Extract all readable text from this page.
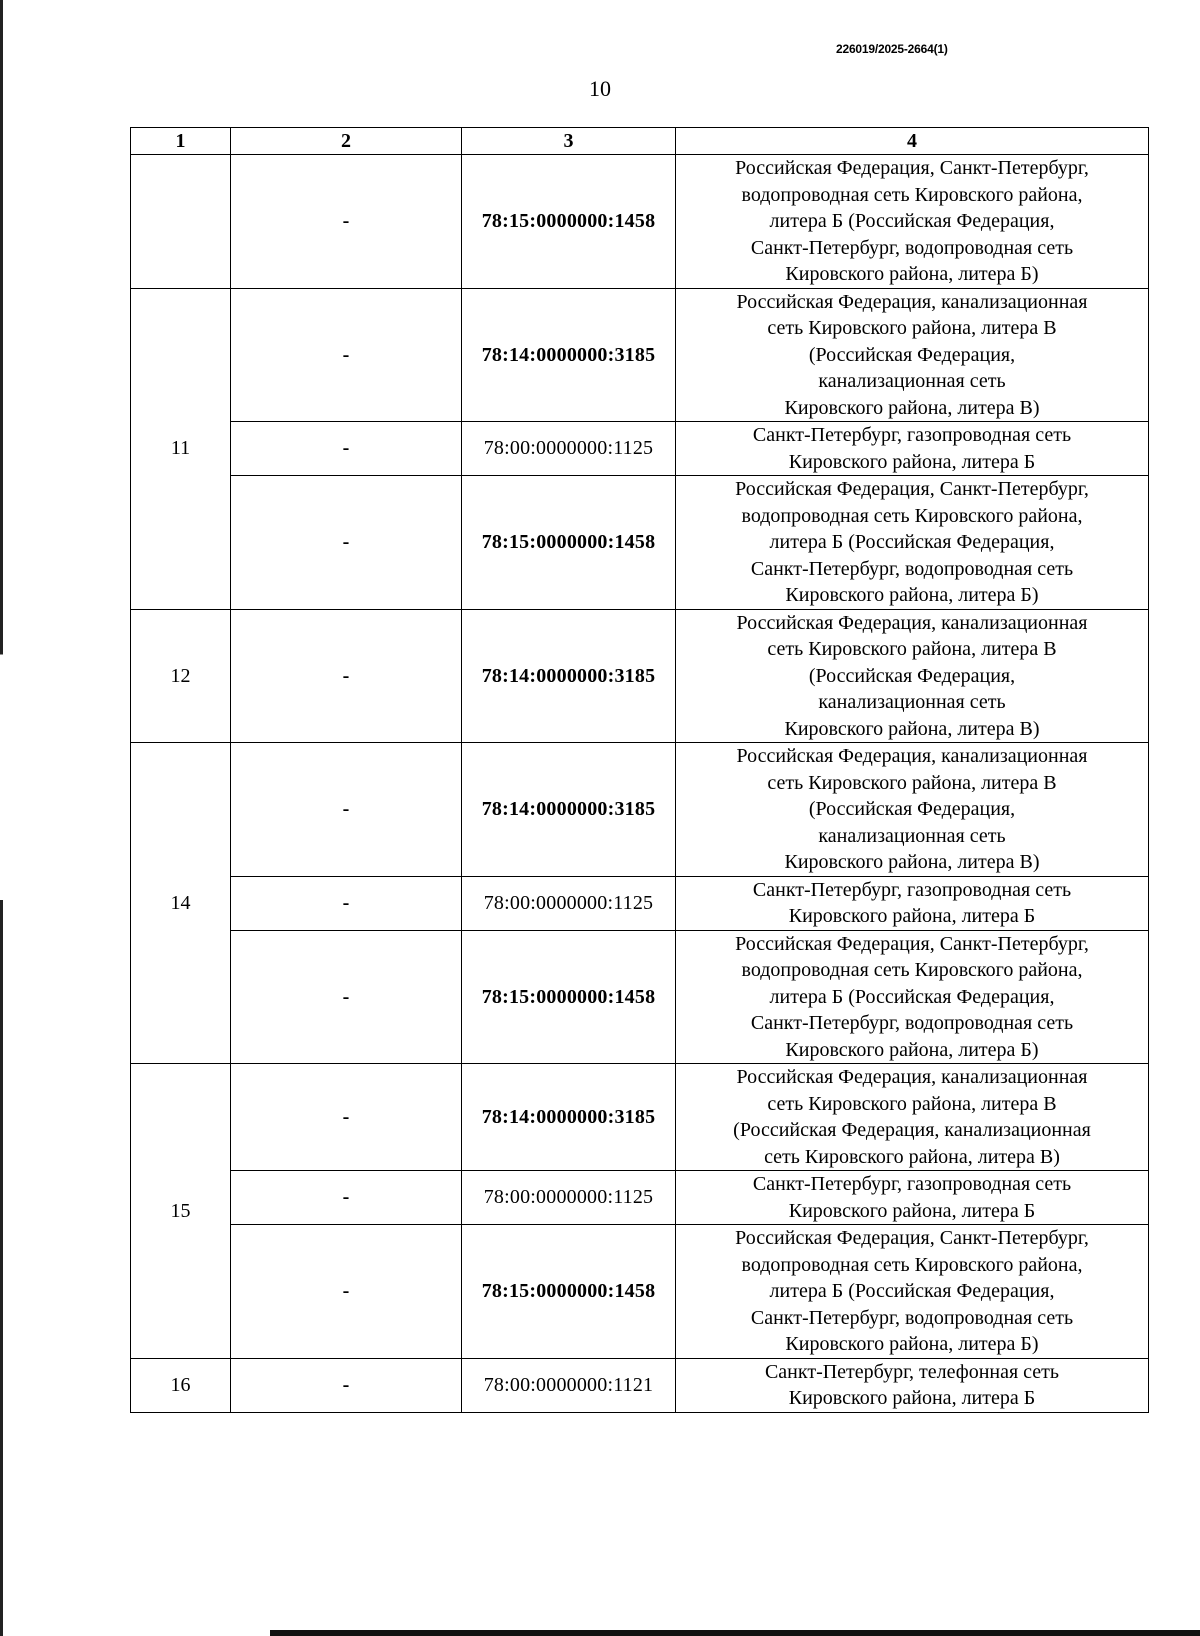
226019/2025-2664(1)
10
1	2	3	4
	-	78:15:0000000:1458	Российская Федерация, Санкт-Петербург,
водопроводная сеть Кировского района,
литера Б (Российская Федерация,
Санкт-Петербург, водопроводная сеть
Кировского района, литера Б)

11	-	78:14:0000000:3185	Российская Федерация, канализационная
сеть Кировского района, литера В
(Российская Федерация,
канализационная сеть
Кировского района, литера В)

	-	78:00:0000000:1125	Санкт-Петербург, газопроводная сеть
Кировского района, литера Б

	-	78:15:0000000:1458	Российская Федерация, Санкт-Петербург,
водопроводная сеть Кировского района,
литера Б (Российская Федерация,
Санкт-Петербург, водопроводная сеть
Кировского района, литера Б)

12	-	78:14:0000000:3185	Российская Федерация, канализационная
сеть Кировского района, литера В
(Российская Федерация,
канализационная сеть
Кировского района, литера В)

14	-	78:14:0000000:3185	Российская Федерация, канализационная
сеть Кировского района, литера В
(Российская Федерация,
канализационная сеть
Кировского района, литера В)

	-	78:00:0000000:1125	Санкт-Петербург, газопроводная сеть
Кировского района, литера Б

	-	78:15:0000000:1458	Российская Федерация, Санкт-Петербург,
водопроводная сеть Кировского района,
литера Б (Российская Федерация,
Санкт-Петербург, водопроводная сеть
Кировского района, литера Б)

15	-	78:14:0000000:3185	Российская Федерация, канализационная
сеть Кировского района, литера В
(Российская Федерация, канализационная
сеть Кировского района, литера В)

	-	78:00:0000000:1125	Санкт-Петербург, газопроводная сеть
Кировского района, литера Б

	-	78:15:0000000:1458	Российская Федерация, Санкт-Петербург,
водопроводная сеть Кировского района,
литера Б (Российская Федерация,
Санкт-Петербург, водопроводная сеть
Кировского района, литера Б)

16	-	78:00:0000000:1121	Санкт-Петербург, телефонная сеть
Кировского района, литера Б
